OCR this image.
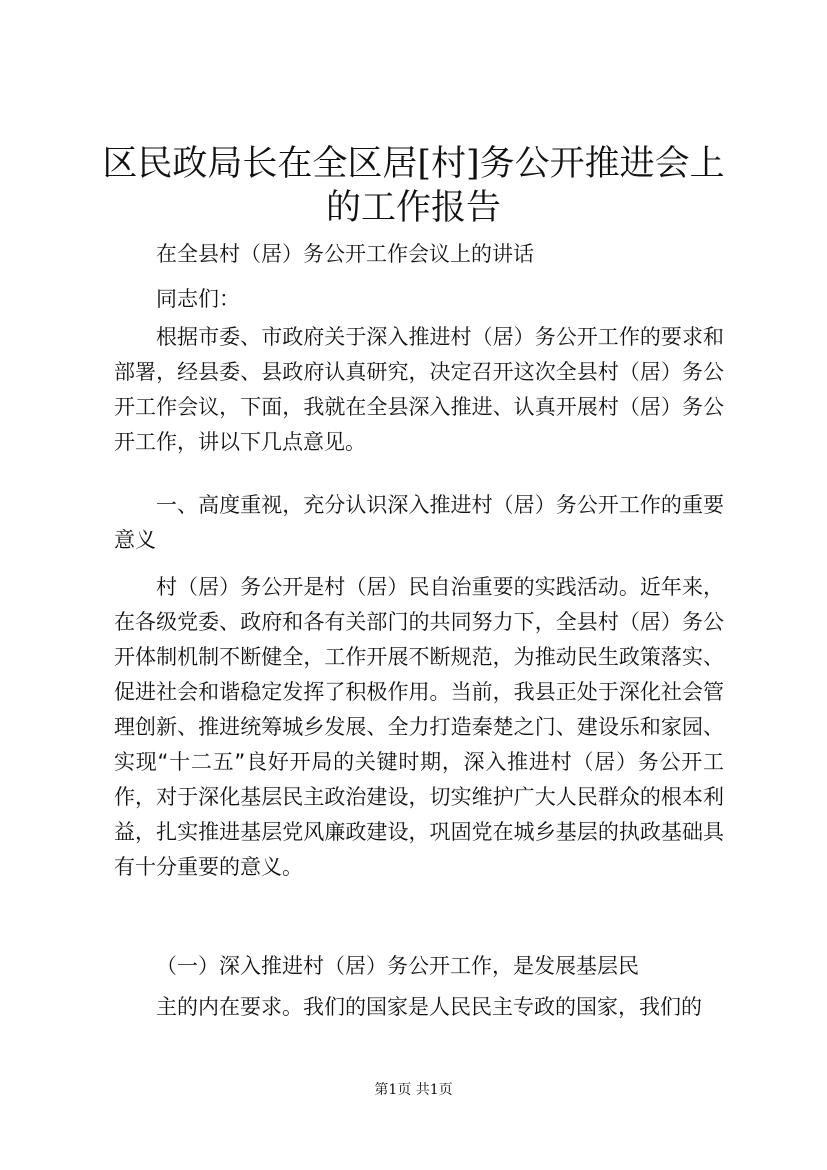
区民政局长在全区居[村]务公开推进会上的工作报告

在全县村（居）务公开工作会议上的讲话

同志们：

根据市委、市政府关于深入推进村（居）务公开工作的要求和部署，经县委、县政府认真研究，决定召开这次全县村（居）务公开工作会议，下面，我就在全县深入推进、认真开展村（居）务公开工作，讲以下几点意见。

一、高度重视，充分认识深入推进村（居）务公开工作的重要意义

村（居）务公开是村（居）民自治重要的实践活动。近年来，在各级党委、政府和各有关部门的共同努力下，全县村（居）务公开体制机制不断健全，工作开展不断规范，为推动民生政策落实、促进社会和谐稳定发挥了积极作用。当前，我县正处于深化社会管理创新、推进统筹城乡发展、全力打造秦楚之门、建设乐和家园、实现“十二五”良好开局的关键时期，深入推进村（居）务公开工作，对于深化基层民主政治建设，切实维护广大人民群众的根本利益，扎实推进基层党风廉政建设，巩固党在城乡基层的执政基础具有十分重要的意义。

（一）深入推进村（居）务公开工作，是发展基层民

主的内在要求。我们的国家是人民民主专政的国家，我们的

第1页 共1页
